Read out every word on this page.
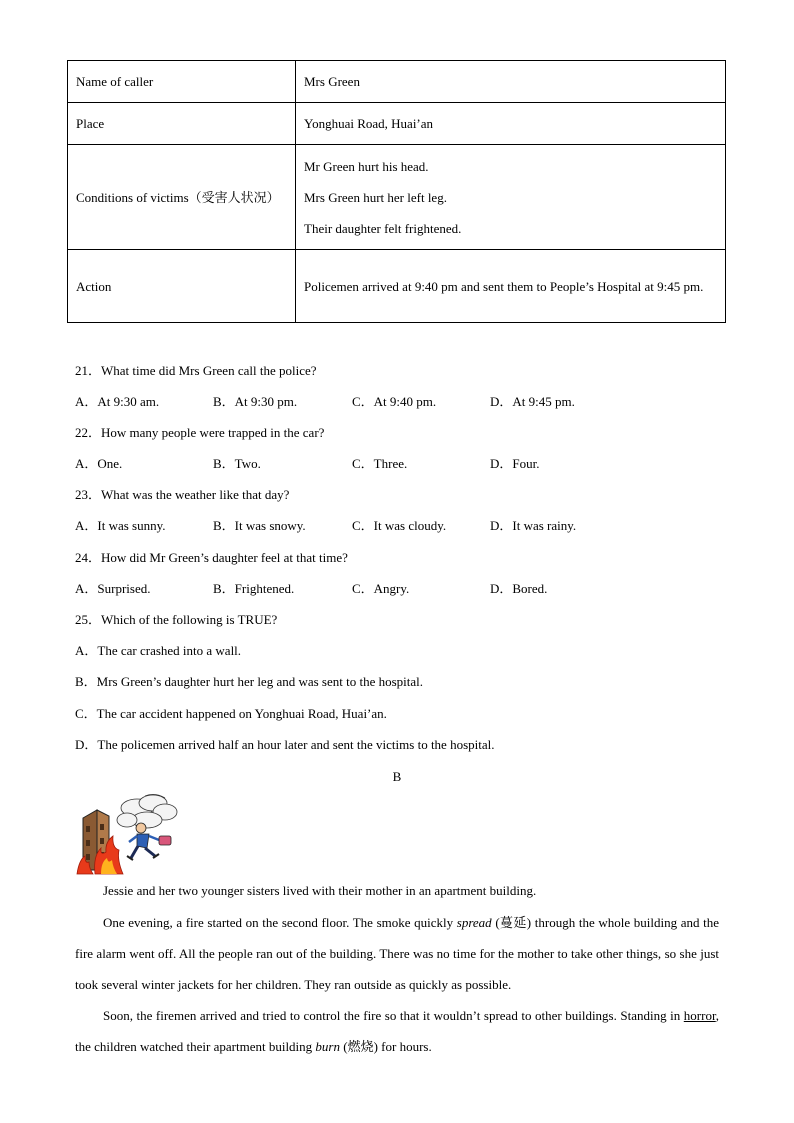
Name of caller	Mrs Green
Place	Yonghuai Road, Huai’an
Conditions of victims（受害人状况）	Mr Green hurt his head.
Mrs Green hurt her left leg.
Their daughter felt frightened.

Action	Policemen arrived at 9:40 pm and sent them to People’s Hospital at 9:45 pm.
21．What time did Mrs Green call the police?
A．At 9:30 am.	B．At 9:30 pm.	C．At 9:40 pm.	D．At 9:45 pm.
22．How many people were trapped in the car?
A．One.	B．Two.	C．Three.	D．Four.
23．What was the weather like that day?
A．It was sunny.	B．It was snowy.	C．It was cloudy.	D．It was rainy.
24．How did Mr Green’s daughter feel at that time?
A．Surprised.	B．Frightened.	C．Angry.	D．Bored.
25．Which of the following is TRUE?
A．The car crashed into a wall.
B．Mrs Green’s daughter hurt her leg and was sent to the hospital.
C．The car accident happened on Yonghuai Road, Huai’an.
D．The policemen arrived half an hour later and sent the victims to the hospital.
B
Jessie and her two younger sisters lived with their mother in an apartment building.
One evening, a fire started on the second floor. The smoke quickly spread (蔓延) through the whole building and the fire alarm went off. All the people ran out of the building. There was no time for the mother to take other things, so she just took several winter jackets for her children. They ran outside as quickly as possible.
Soon, the firemen arrived and tried to control the fire so that it wouldn’t spread to other buildings. Standing in horror, the children watched their apartment building burn (燃烧) for hours.
